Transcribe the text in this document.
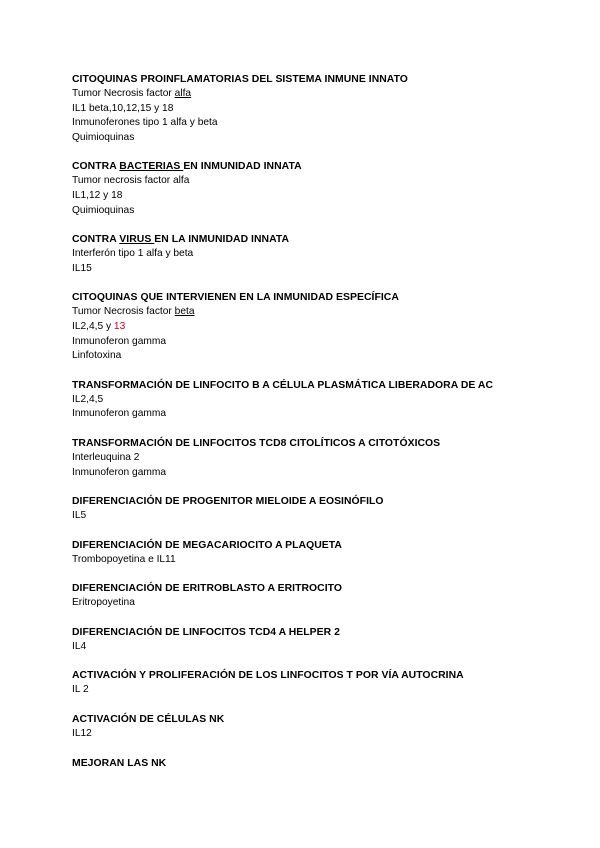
CITOQUINAS PROINFLAMATORIAS DEL SISTEMA INMUNE INNATO
Tumor Necrosis factor alfa
IL1 beta,10,12,15 y 18
Inmunoferones tipo 1 alfa y beta
Quimioquinas
CONTRA BACTERIAS EN INMUNIDAD INNATA
Tumor necrosis factor alfa
IL1,12 y 18
Quimioquinas
CONTRA VIRUS EN LA INMUNIDAD INNATA
Interferón tipo 1 alfa y beta
IL15
CITOQUINAS QUE INTERVIENEN EN LA INMUNIDAD ESPECÍFICA
Tumor Necrosis factor beta
IL2,4,5 y 13
Inmunoferon gamma
Linfotoxina
TRANSFORMACIÓN DE LINFOCITO B A CÉLULA PLASMÁTICA LIBERADORA DE AC
IL2,4,5
Inmunoferon gamma
TRANSFORMACIÓN DE LINFOCITOS TCD8 CITOLÍTICOS A CITOTÓXICOS
Interleuquina 2
Inmunoferon gamma
DIFERENCIACIÓN DE PROGENITOR MIELOIDE A EOSINÓFILO
IL5
DIFERENCIACIÓN DE MEGACARIOCITO A PLAQUETA
Trombopoyetina e IL11
DIFERENCIACIÓN DE ERITROBLASTO A ERITROCITO
Eritropoyetina
DIFERENCIACIÓN DE LINFOCITOS TCD4 A HELPER 2
IL4
ACTIVACIÓN Y PROLIFERACIÓN DE LOS LINFOCITOS T POR VÍA AUTOCRINA
IL 2
ACTIVACIÓN DE CÉLULAS NK
IL12
MEJORAN LAS NK
